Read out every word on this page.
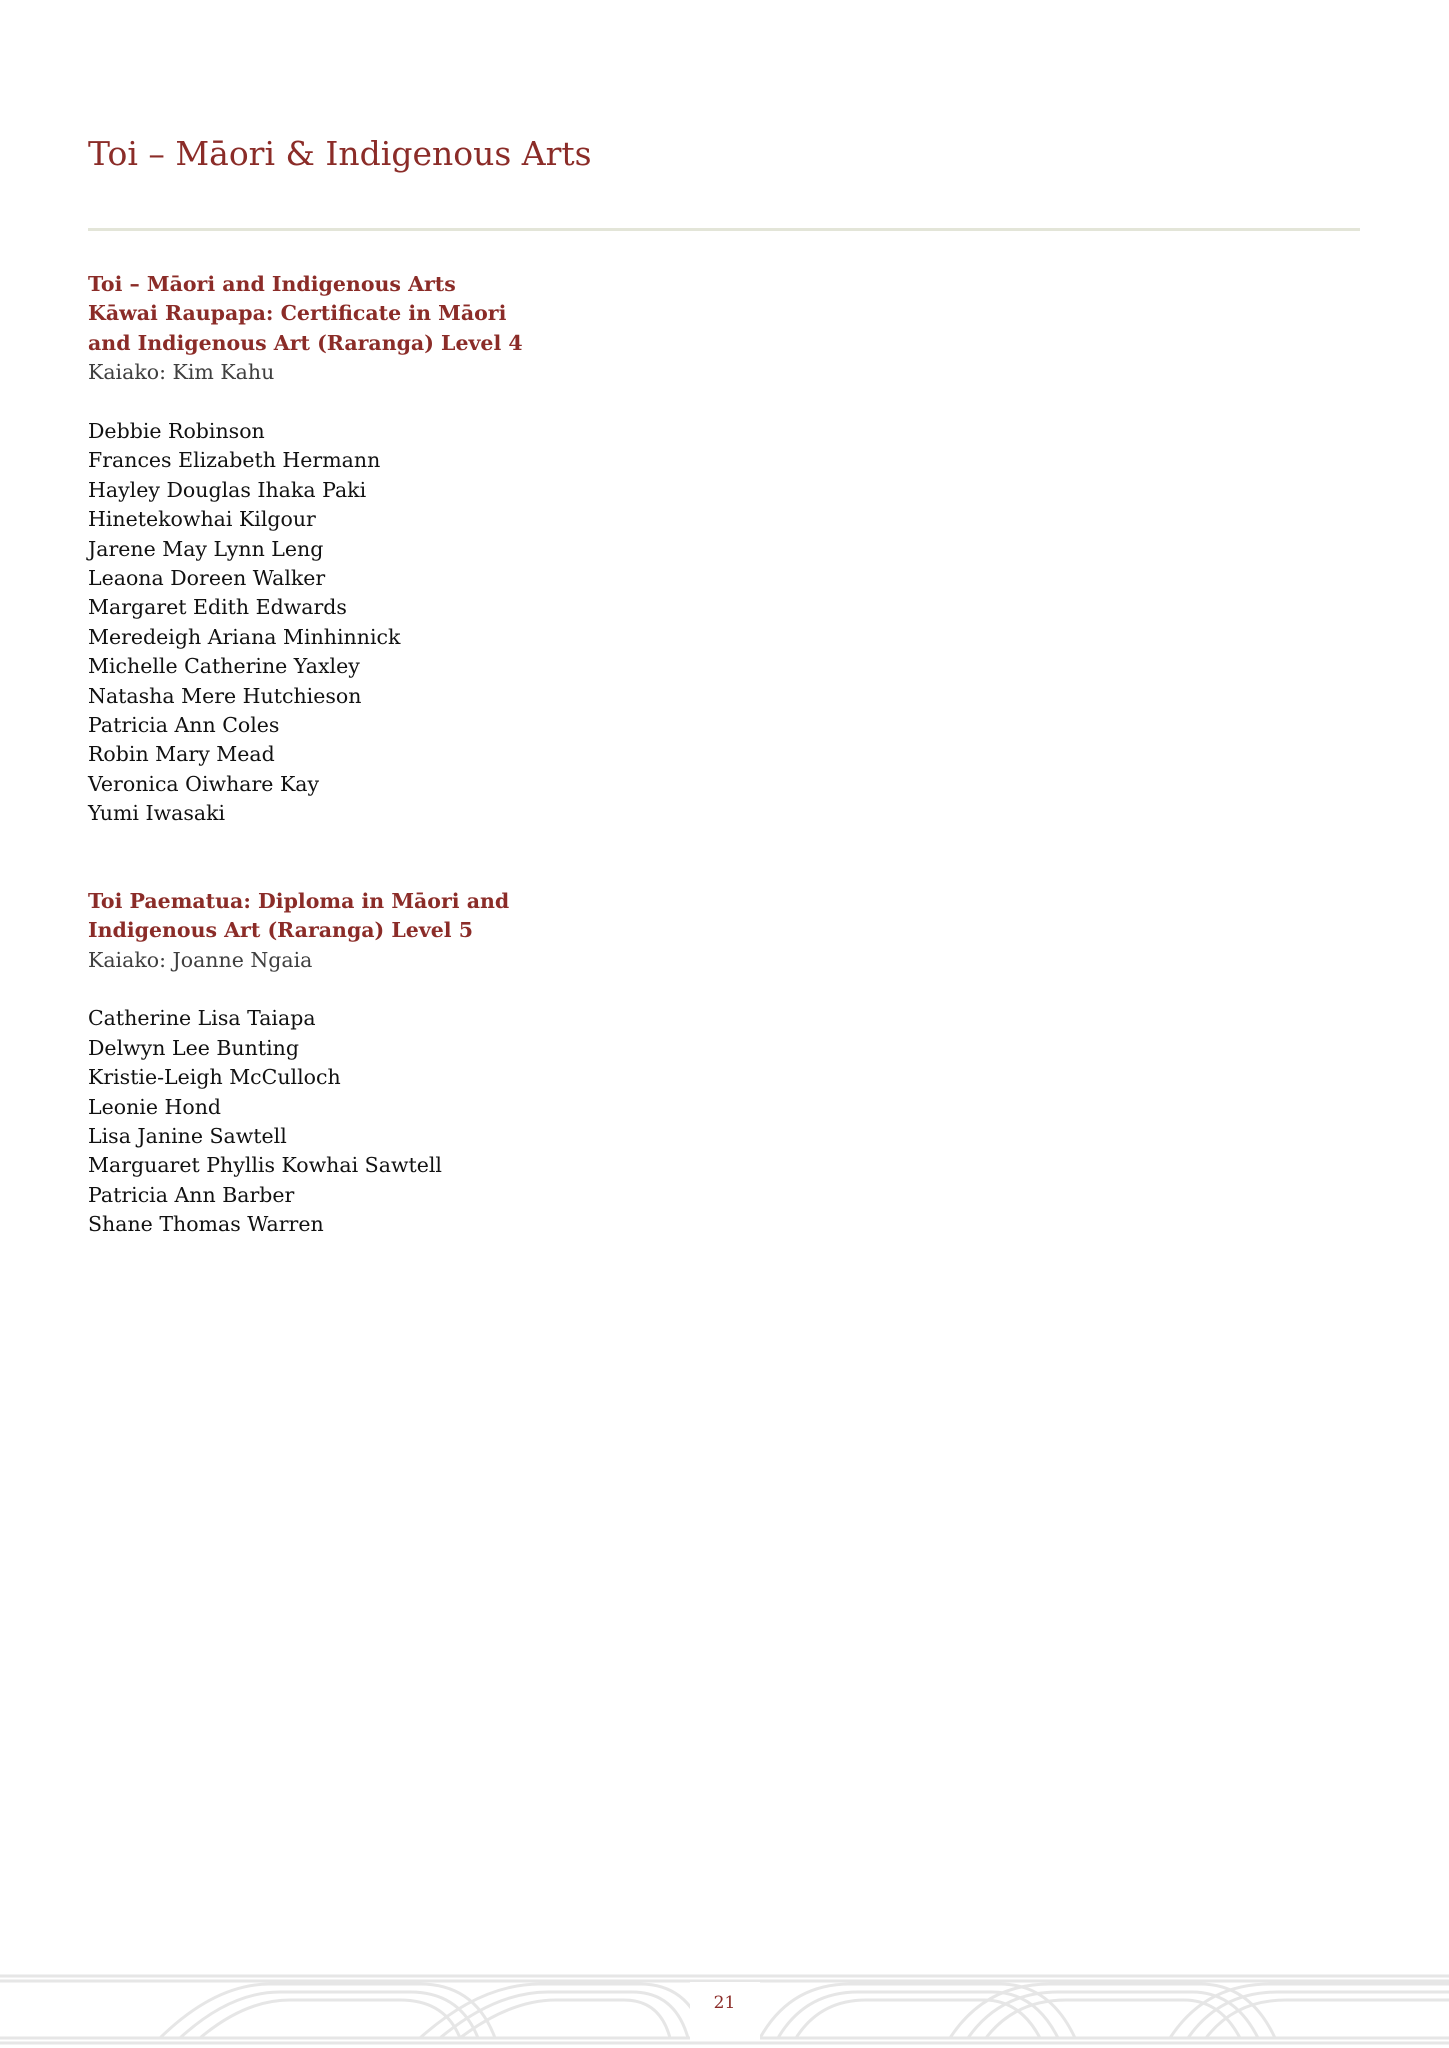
Toi – Māori & Indigenous Arts
Toi – Māori and Indigenous Arts
Kāwai Raupapa: Certificate in Māori
and Indigenous Art (Raranga) Level 4

Kaiako: Kim Kahu

Debbie Robinson
Frances Elizabeth Hermann
Hayley Douglas Ihaka Paki
Hinetekowhai Kilgour
Jarene May Lynn Leng
Leaona Doreen Walker
Margaret Edith Edwards
Meredeigh Ariana Minhinnick
Michelle Catherine Yaxley
Natasha Mere Hutchieson
Patricia Ann Coles
Robin Mary Mead
Veronica Oiwhare Kay
Yumi Iwasaki
Toi Paematua: Diploma in Māori and
Indigenous Art (Raranga) Level 5

Kaiako: Joanne Ngaia

Catherine Lisa Taiapa
Delwyn Lee Bunting
Kristie-Leigh McCulloch
Leonie Hond
Lisa Janine Sawtell
Marguaret Phyllis Kowhai Sawtell
Patricia Ann Barber
Shane Thomas Warren
21
